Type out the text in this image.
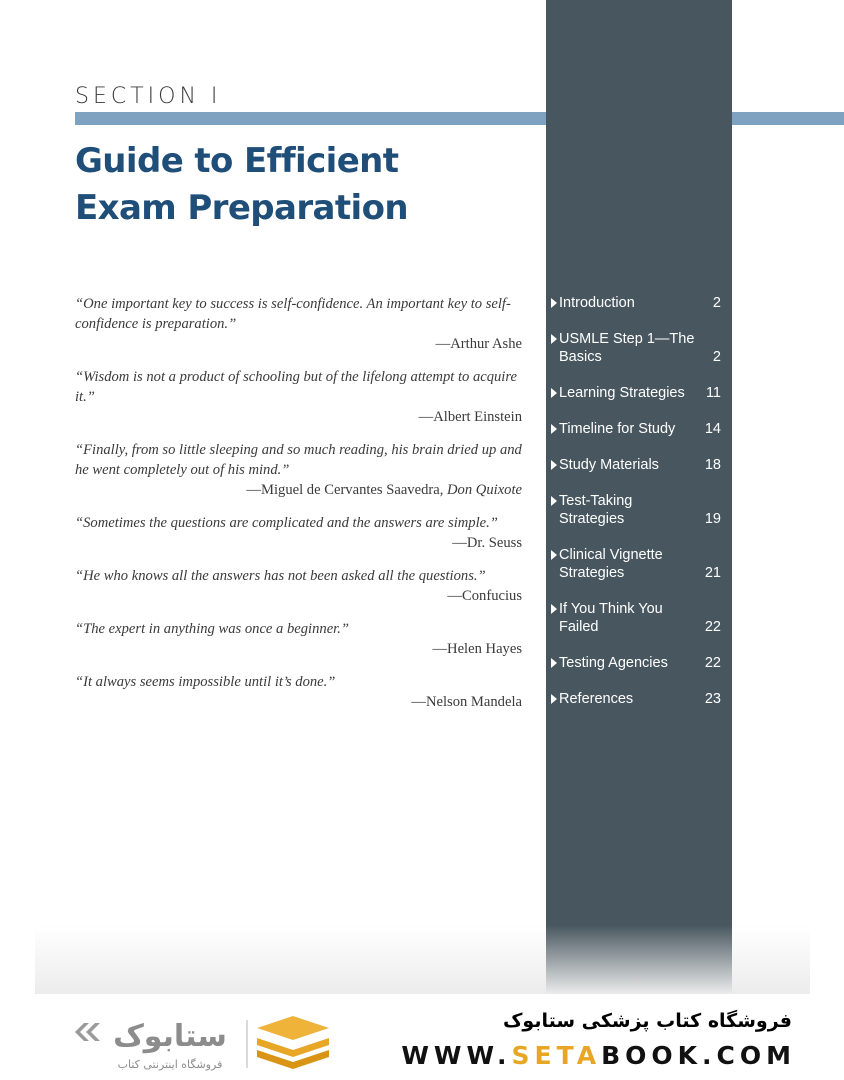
SECTION I
Guide to Efficient
Exam Preparation
“One important key to success is self-confidence. An important key to self-confidence is preparation.”
—Arthur Ashe
“Wisdom is not a product of schooling but of the lifelong attempt to acquire it.”
—Albert Einstein
“Finally, from so little sleeping and so much reading, his brain dried up and he went completely out of his mind.”
—Miguel de Cervantes Saavedra, Don Quixote
“Sometimes the questions are complicated and the answers are simple.”
—Dr. Seuss
“He who knows all the answers has not been asked all the questions.”
—Confucius
“The expert in anything was once a beginner.”
—Helen Hayes
“It always seems impossible until it’s done.”
—Nelson Mandela
Introduction	2
USMLE Step 1—The Basics	2
Learning Strategies	11
Timeline for Study	14
Study Materials	18
Test-Taking Strategies	19
Clinical Vignette Strategies	21
If You Think You Failed	22
Testing Agencies	22
References	23
ستابوک
فروشگاه اینترنتی کتاب
فروشگاه کتاب پزشکی ستابوک
WWW.SETABOOK.COM
